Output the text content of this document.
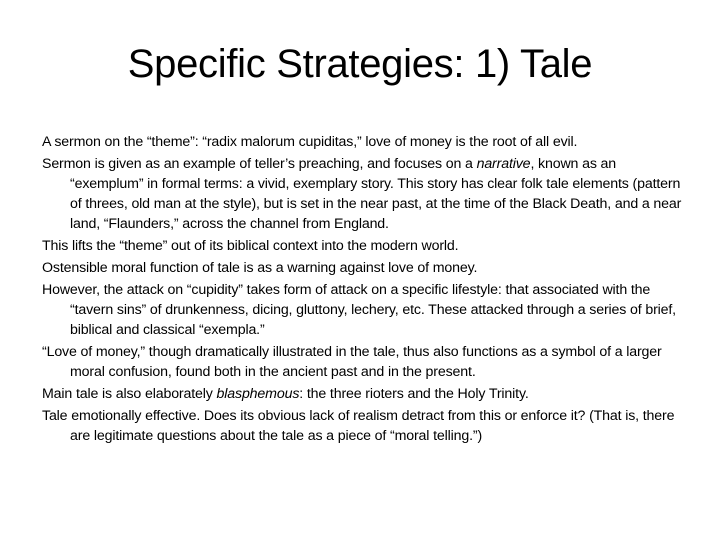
Specific Strategies: 1) Tale
A sermon on the “theme”: “radix malorum cupiditas,” love of money is the root of all evil.
Sermon is given as an example of teller’s preaching, and focuses on a narrative, known as an “exemplum” in formal terms: a vivid, exemplary story. This story has clear folk tale elements (pattern of threes, old man at the style), but is set in the near past, at the time of the Black Death, and a near land, “Flaunders,” across the channel from England.
This lifts the “theme” out of its biblical context into the modern world.
Ostensible moral function of tale is as a warning against love of money.
However, the attack on “cupidity” takes form of attack on a specific lifestyle: that associated with the “tavern sins” of drunkenness, dicing, gluttony, lechery, etc. These attacked through a series of brief, biblical and classical “exempla.”
“Love of money,” though dramatically illustrated in the tale, thus also functions as a symbol of a larger moral confusion, found both in the ancient past and in the present.
Main tale is also elaborately blasphemous: the three rioters and the Holy Trinity.
Tale emotionally effective. Does its obvious lack of realism detract from this or enforce it? (That is, there are legitimate questions about the tale as a piece of “moral telling.”)
